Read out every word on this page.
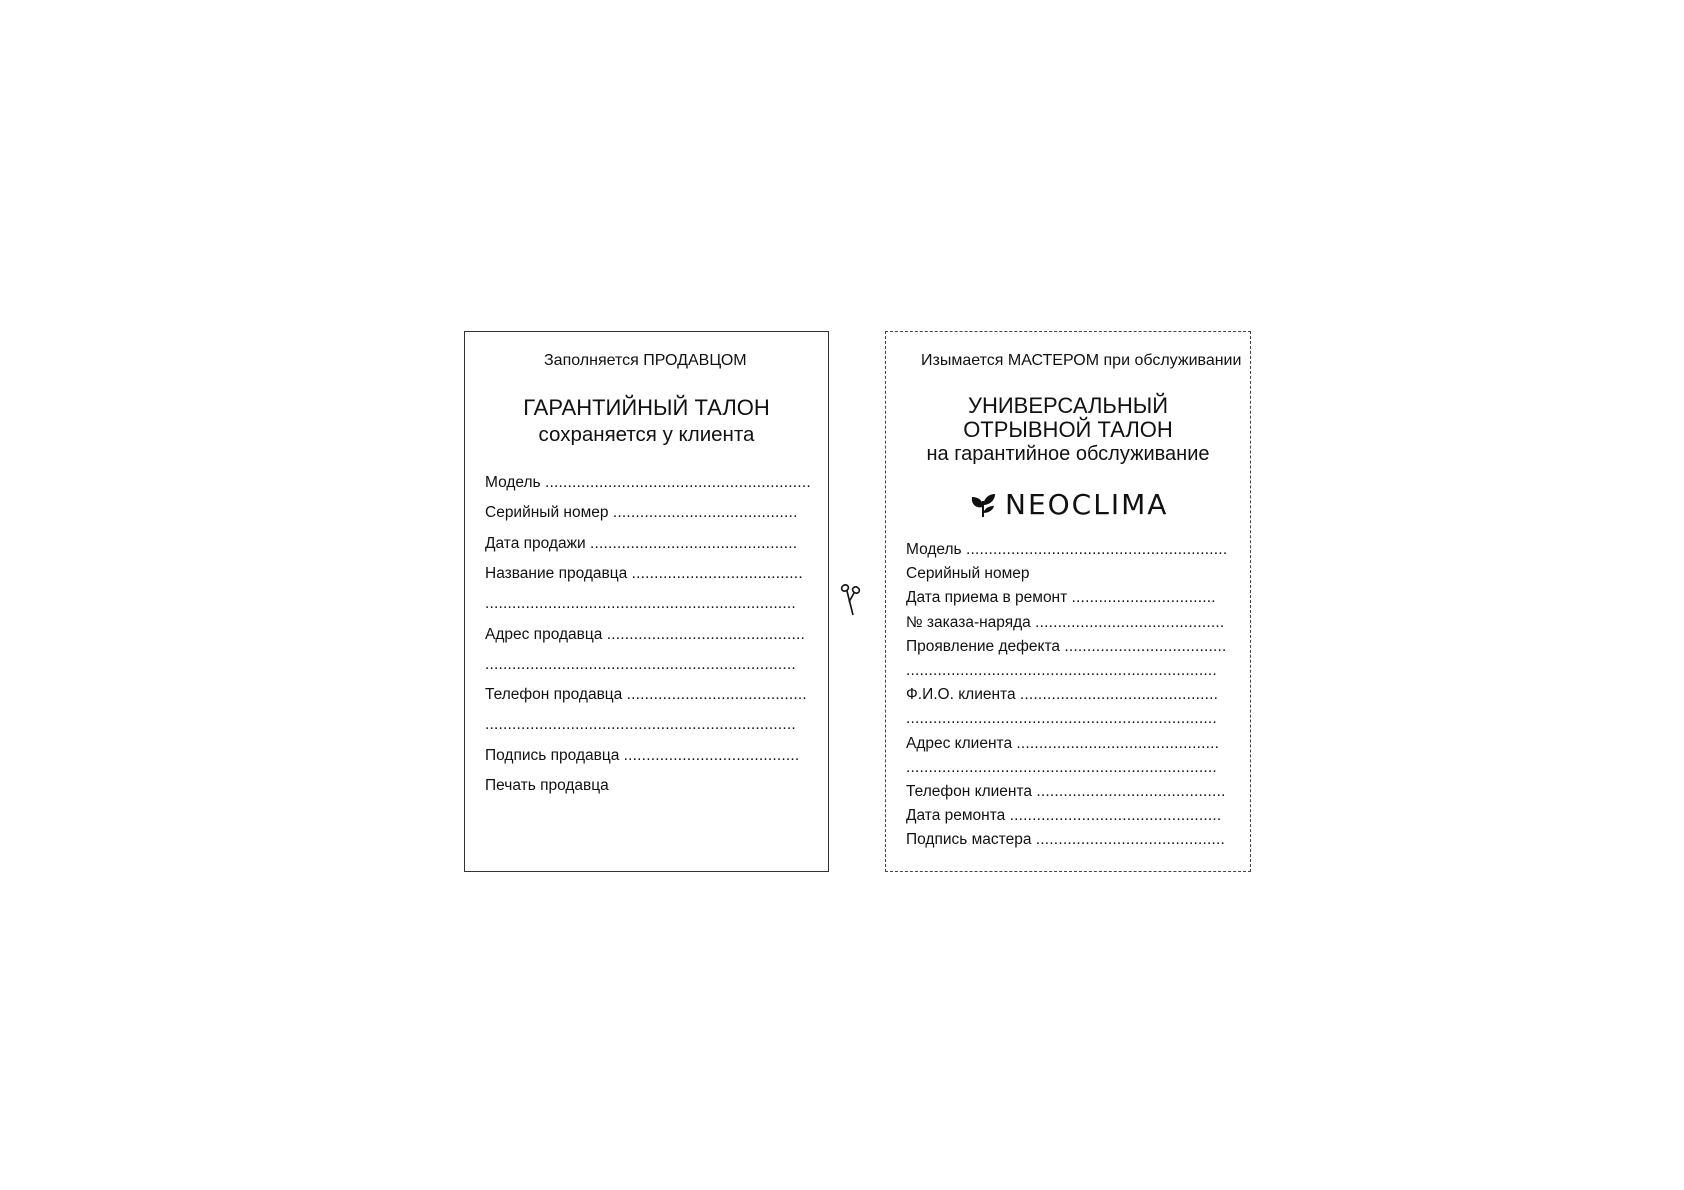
Заполняется ПРОДАВЦОМ
ГАРАНТИЙНЫЙ ТАЛОН
сохраняется у клиента
Модель ...........................................................
Серийный номер .........................................
Дата продажи ..............................................
Название продавца ......................................
.....................................................................
Адрес продавца ............................................
.....................................................................
Телефон продавца ........................................
.....................................................................
Подпись продавца .......................................
Печать продавца
Изымается МАСТЕРОМ при обслуживании
УНИВЕРСАЛЬНЫЙ
ОТРЫВНОЙ ТАЛОН
на гарантийное обслуживание
NEOCLIMA
Модель ..........................................................
Серийный номер
Дата приема в ремонт ................................
№ заказа-наряда ..........................................
Проявление дефекта ....................................
.....................................................................
Ф.И.О. клиента ............................................
.....................................................................
Адрес клиента .............................................
.....................................................................
Телефон клиента ..........................................
Дата ремонта ...............................................
Подпись мастера ..........................................
